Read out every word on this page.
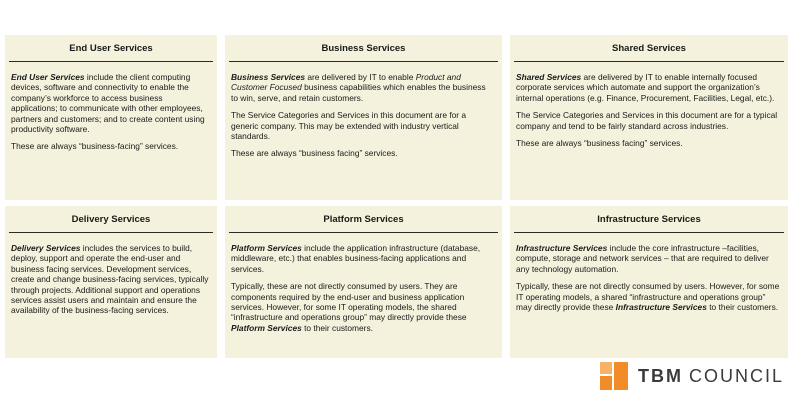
End User Services

End User Services include the client computing devices, software and connectivity to enable the company’s workforce to access business applications; to communicate with other employees, partners and customers; and to create content using productivity software.

These are always “business-facing” services.

Business Services

Business Services are delivered by IT to enable Product and Customer Focused business capabilities which enables the business to win, serve, and retain customers.

The Service Categories and Services in this document are for a generic company. This may be extended with industry vertical standards.

These are always “business facing” services.

Shared Services

Shared Services are delivered by IT to enable internally focused corporate services which automate and support the organization’s internal operations (e.g. Finance, Procurement, Facilities, Legal, etc.).

The Service Categories and Services in this document are for a typical company and tend to be fairly standard across industries.

These are always “business facing” services.

Delivery Services

Delivery Services includes the services to build, deploy, support and operate the end-user and business facing services. Development services, create and change business-facing services, typically through projects. Additional support and operations services assist users and maintain and ensure the availability of the business-facing services.

Platform Services

Platform Services include the application infrastructure (database, middleware, etc.) that enables business-facing applications and services.

Typically, these are not directly consumed by users. They are components required by the end-user and business application services. However, for some IT operating models, the shared “infrastructure and operations group” may directly provide these Platform Services to their customers.

Infrastructure Services

Infrastructure Services include the core infrastructure –facilities, compute, storage and network services – that are required to deliver any technology automation.

Typically, these are not directly consumed by users. However, for some IT operating models, a shared “infrastructure and operations group” may directly provide these Infrastructure Services to their customers.

TBM COUNCIL
